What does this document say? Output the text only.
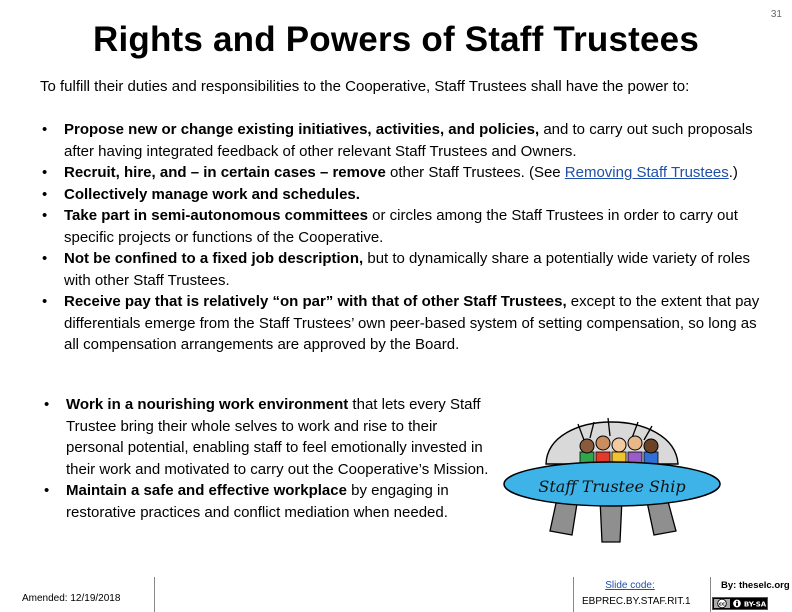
31
Rights and Powers of Staff Trustees

To fulfill their duties and responsibilities to the Cooperative, Staff Trustees shall have the power to:

• Propose new or change existing initiatives, activities, and policies, and to carry out such proposals after having integrated feedback of other relevant Staff Trustees and Owners.
• Recruit, hire, and – in certain cases – remove other Staff Trustees. (See Removing Staff Trustees.)
• Collectively manage work and schedules.
• Take part in semi-autonomous committees or circles among the Staff Trustees in order to carry out specific projects or functions of the Cooperative.
• Not be confined to a fixed job description, but to dynamically share a potentially wide variety of roles with other Staff Trustees.
• Receive pay that is relatively “on par” with that of other Staff Trustees, except to the extent that pay differentials emerge from the Staff Trustees’ own peer-based system of setting compensation, so long as all compensation arrangements are approved by the Board.
• Work in a nourishing work environment that lets every Staff Trustee bring their whole selves to work and rise to their personal potential, enabling staff to feel emotionally invested in their work and motivated to carry out the Cooperative’s Mission.
• Maintain a safe and effective workplace by engaging in restorative practices and conflict mediation when needed.
Staff Trustee Ship
Amended: 12/19/2018
Slide code:
EBPREC.BY.STAF.RIT.1
By: theselc.org
cc	BY-SA
